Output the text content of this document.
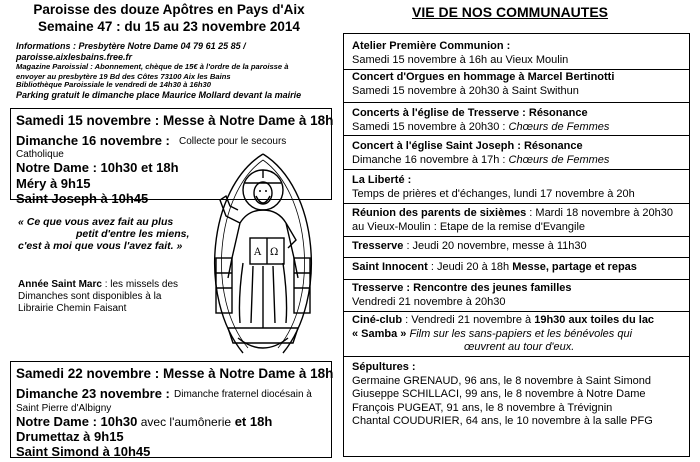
Paroisse des douze Apôtres en Pays d'Aix
Semaine 47 : du 15 au 23 novembre 2014
Informations : Presbytère Notre Dame 04 79 61 25 85 /
paroisse.aixlesbains.free.fr
Magazine Paroissial : Abonnement, chèque de 15€ à l'ordre de la paroisse à
envoyer au presbytère 19 Bd des Côtes 73100 Aix les Bains
Bibliothèque Paroissiale le vendredi de 14h30 à 16h30
Parking gratuit le dimanche place Maurice Mollard devant la mairie
Samedi 15 novembre : Messe à Notre Dame à 18h
Dimanche 16 novembre : Collecte pour le secours
Catholique
Notre Dame : 10h30 et 18h
Méry à 9h15
Saint Joseph à 10h45
« Ce que vous avez fait au plus
petit d'entre les miens,
c'est à moi que vous l'avez fait. »
Année Saint Marc : les missels des
Dimanches sont disponibles à la
Librairie Chemin Faisant
A Ω
Samedi 22 novembre : Messe à Notre Dame à 18h
Dimanche 23 novembre : Dimanche fraternel diocésain à
Saint Pierre d'Albigny
Notre Dame : 10h30 avec l'aumônerie et 18h
Drumettaz à 9h15
Saint Simond à 10h45
VIE DE NOS COMMUNAUTES
Atelier Première Communion :
Samedi 15 novembre à 16h au Vieux Moulin
Concert d'Orgues en hommage à Marcel Bertinotti
Samedi 15 novembre à 20h30 à Saint Swithun
Concerts à l'église de Tresserve : Résonance
Samedi 15 novembre à 20h30 : Chœurs de Femmes
Concert à l'église Saint Joseph : Résonance
Dimanche 16 novembre à 17h : Chœurs de Femmes
La Liberté :
Temps de prières et d'échanges, lundi 17 novembre à 20h
Réunion des parents de sixièmes : Mardi 18 novembre à 20h30
au Vieux-Moulin : Etape de la remise d'Evangile
Tresserve : Jeudi 20 novembre, messe à 11h30
Saint Innocent : Jeudi 20 à 18h Messe, partage et repas
Tresserve : Rencontre des jeunes familles
Vendredi 21 novembre à 20h30
Ciné-club : Vendredi 21 novembre à 19h30 aux toiles du lac
« Samba » Film sur les sans-papiers et les bénévoles qui
œuvrent au tour d'eux.
Sépultures :
Germaine GRENAUD, 96 ans, le 8 novembre à Saint Simond
Giuseppe SCHILLACI, 99 ans, le 8 novembre à Notre Dame
François PUGEAT, 91 ans, le 8 novembre à Trévignin
Chantal COUDURIER, 64 ans, le 10 novembre à la salle PFG
